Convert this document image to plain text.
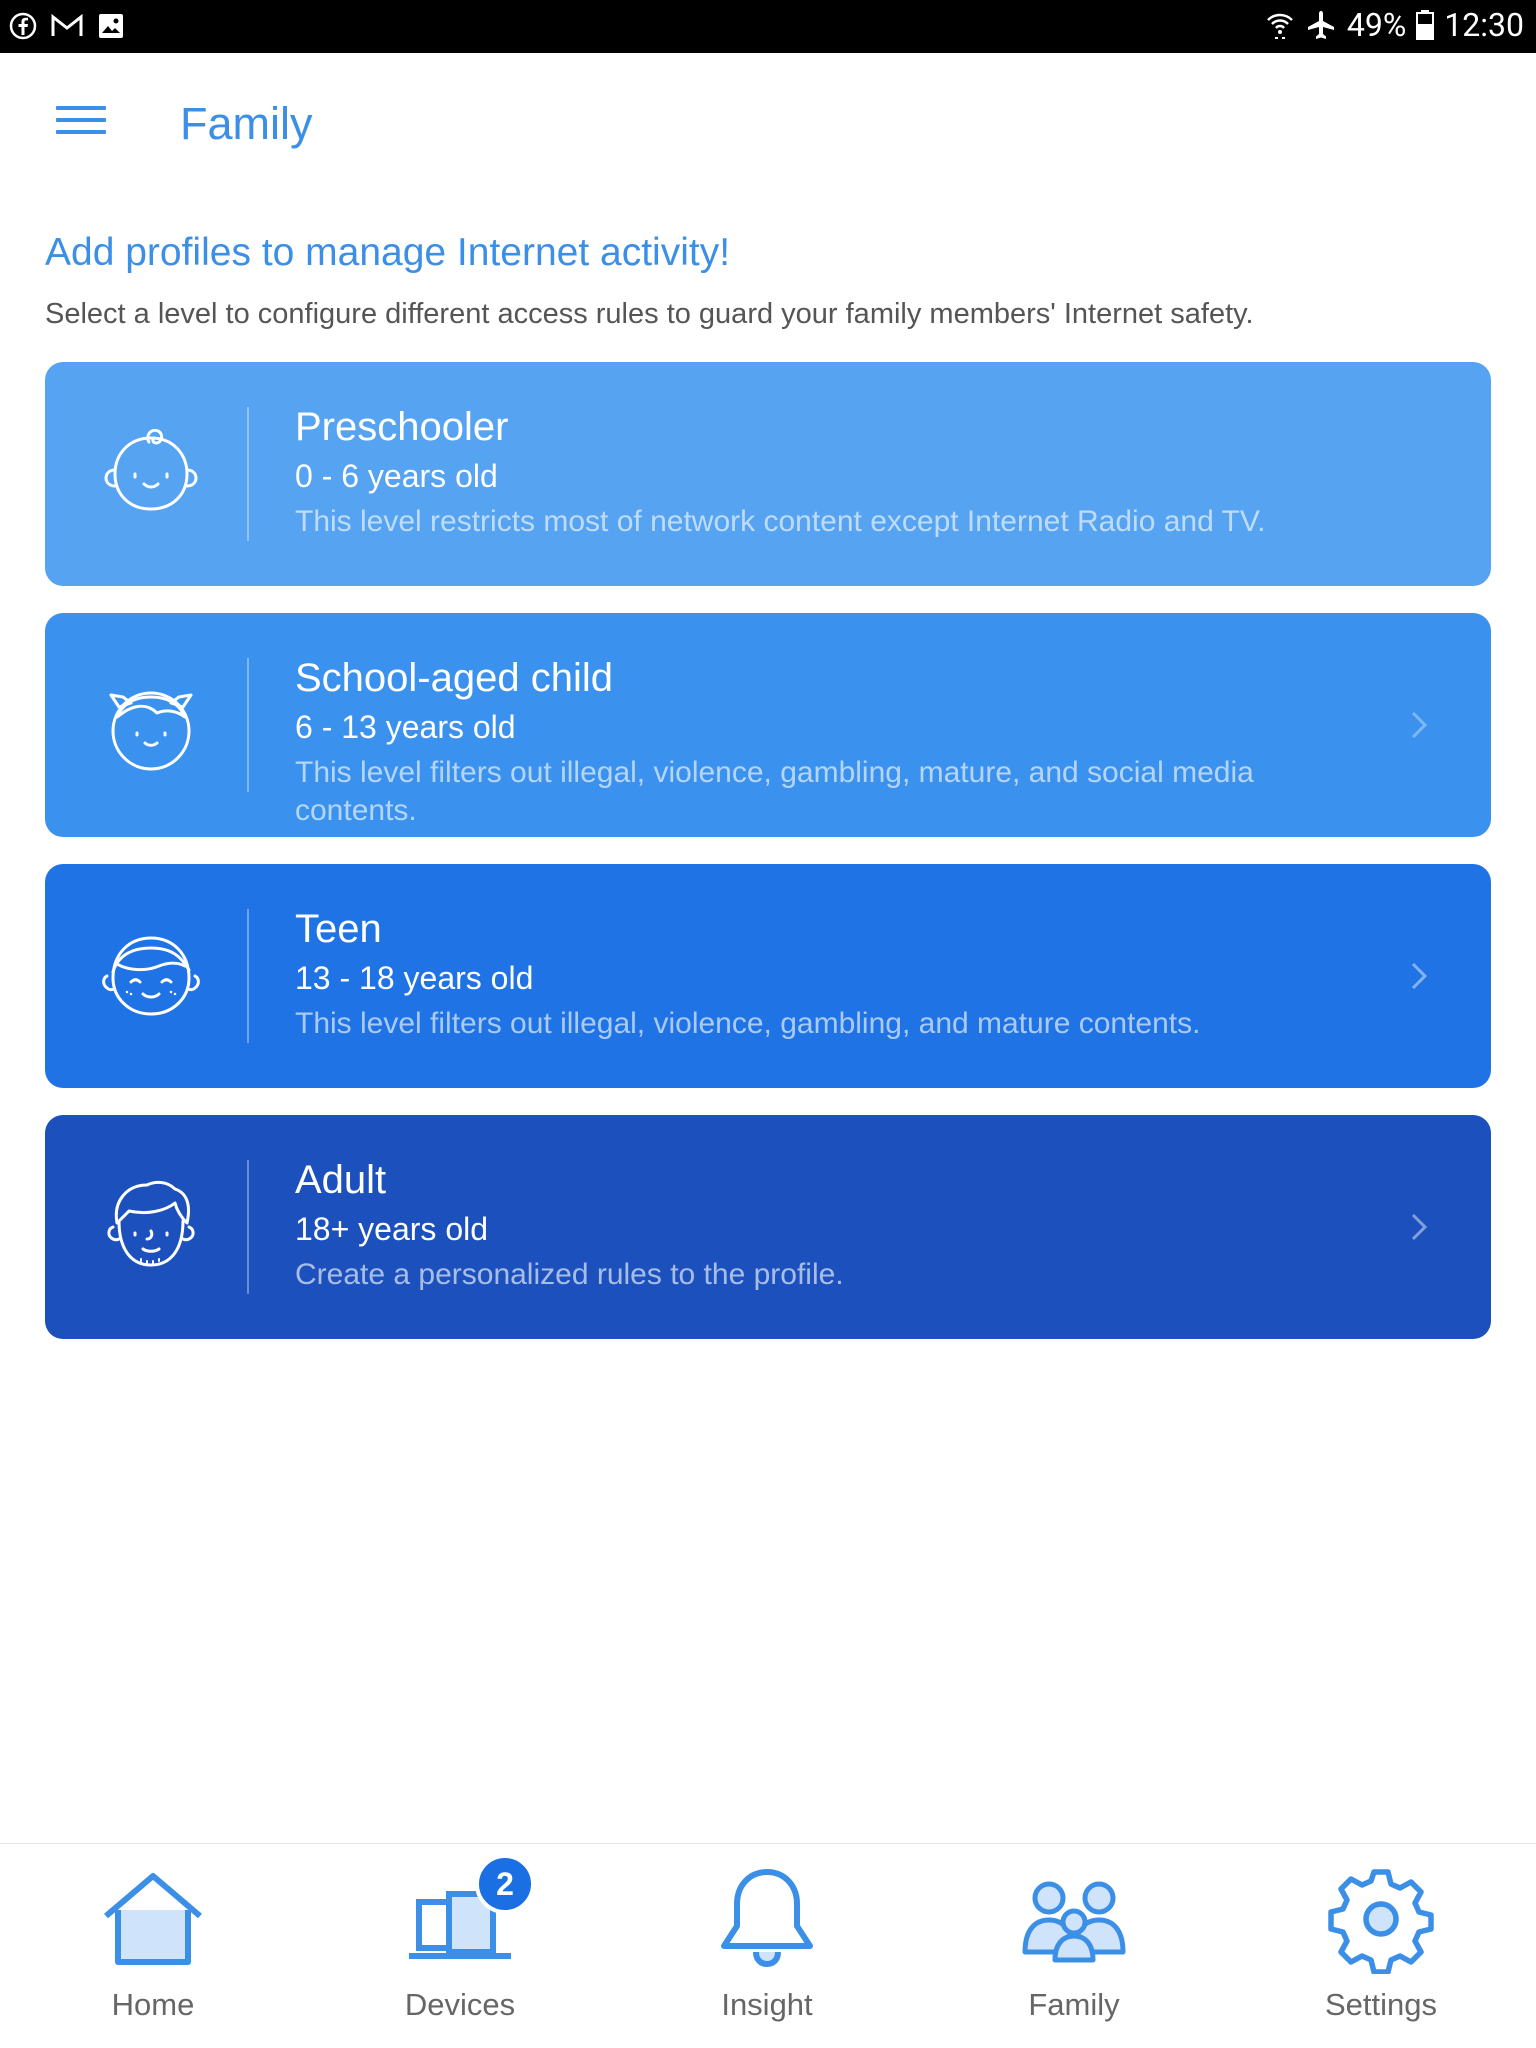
49% 12:30
Family
Add profiles to manage Internet activity!
Select a level to configure different access rules to guard your family members' Internet safety.
Preschooler
0 - 6 years old
This level restricts most of network content except Internet Radio and TV.
School-aged child
6 - 13 years old
This level filters out illegal, violence, gambling, mature, and social media contents.
Teen
13 - 18 years old
This level filters out illegal, violence, gambling, and mature contents.
Adult
18+ years old
Create a personalized rules to the profile.
Home
2
Devices	Insight	Family	Settings
